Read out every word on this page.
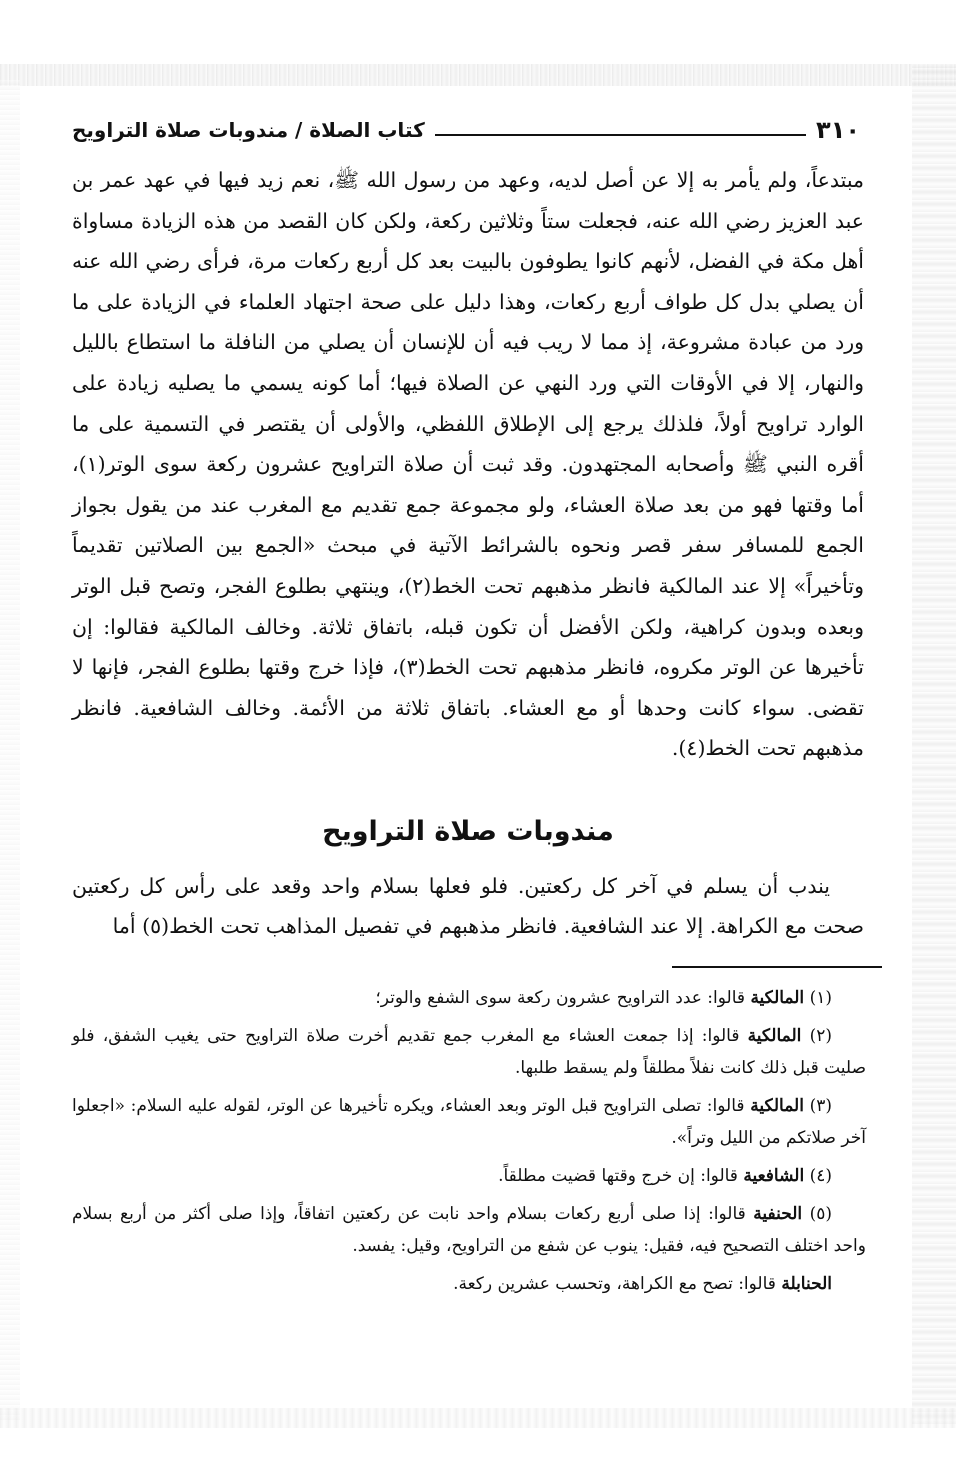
٣١٠
كتاب الصلاة / مندوبات صلاة التراويح

مبتدعاً، ولم يأمر به إلا عن أصل لديه، وعهد من رسول الله ﷺ، نعم زيد فيها في عهد عمر بن عبد العزيز رضي الله عنه، فجعلت ستاً وثلاثين ركعة، ولكن كان القصد من هذه الزيادة مساواة أهل مكة في الفضل، لأنهم كانوا يطوفون بالبيت بعد كل أربع ركعات مرة، فرأى رضي الله عنه أن يصلي بدل كل طواف أربع ركعات، وهذا دليل على صحة اجتهاد العلماء في الزيادة على ما ورد من عبادة مشروعة، إذ مما لا ريب فيه أن للإنسان أن يصلي من النافلة ما استطاع بالليل والنهار، إلا في الأوقات التي ورد النهي عن الصلاة فيها؛ أما كونه يسمي ما يصليه زيادة على الوارد تراويح أولاً، فلذلك يرجع إلى الإطلاق اللفظي، والأولى أن يقتصر في التسمية على ما أقره النبي ﷺ وأصحابه المجتهدون. وقد ثبت أن صلاة التراويح عشرون ركعة سوى الوتر(١)، أما وقتها فهو من بعد صلاة العشاء، ولو مجموعة جمع تقديم مع المغرب عند من يقول بجواز الجمع للمسافر سفر قصر ونحوه بالشرائط الآتية في مبحث «الجمع بين الصلاتين تقديماً وتأخيراً» إلا عند المالكية فانظر مذهبهم تحت الخط(٢)، وينتهي بطلوع الفجر، وتصح قبل الوتر وبعده وبدون كراهية، ولكن الأفضل أن تكون قبله، باتفاق ثلاثة. وخالف المالكية فقالوا: إن تأخيرها عن الوتر مكروه، فانظر مذهبهم تحت الخط(٣)، فإذا خرج وقتها بطلوع الفجر، فإنها لا تقضى. سواء كانت وحدها أو مع العشاء. باتفاق ثلاثة من الأئمة. وخالف الشافعية. فانظر مذهبهم تحت الخط(٤).

مندوبات صلاة التراويح

يندب أن يسلم في آخر كل ركعتين. فلو فعلها بسلام واحد وقعد على رأس كل ركعتين صحت مع الكراهة. إلا عند الشافعية. فانظر مذهبهم في تفصيل المذاهب تحت الخط(٥) أما

(١) المالكية قالوا: عدد التراويح عشرون ركعة سوى الشفع والوتر؛

(٢) المالكية قالوا: إذا جمعت العشاء مع المغرب جمع تقديم أخرت صلاة التراويح حتى يغيب الشفق، فلو صليت قبل ذلك كانت نفلاً مطلقاً ولم يسقط طلبها.

(٣) المالكية قالوا: تصلى التراويح قبل الوتر وبعد العشاء، ويكره تأخيرها عن الوتر، لقوله عليه السلام: «اجعلوا آخر صلاتكم من الليل وتراً».

(٤) الشافعية قالوا: إن خرج وقتها قضيت مطلقاً.

(٥) الحنفية قالوا: إذا صلى أربع ركعات بسلام واحد نابت عن ركعتين اتفاقاً، وإذا صلى أكثر من أربع بسلام واحد اختلف التصحيح فيه، فقيل: ينوب عن شفع من التراويح، وقيل: يفسد.

الحنابلة قالوا: تصح مع الكراهة، وتحسب عشرين ركعة.
